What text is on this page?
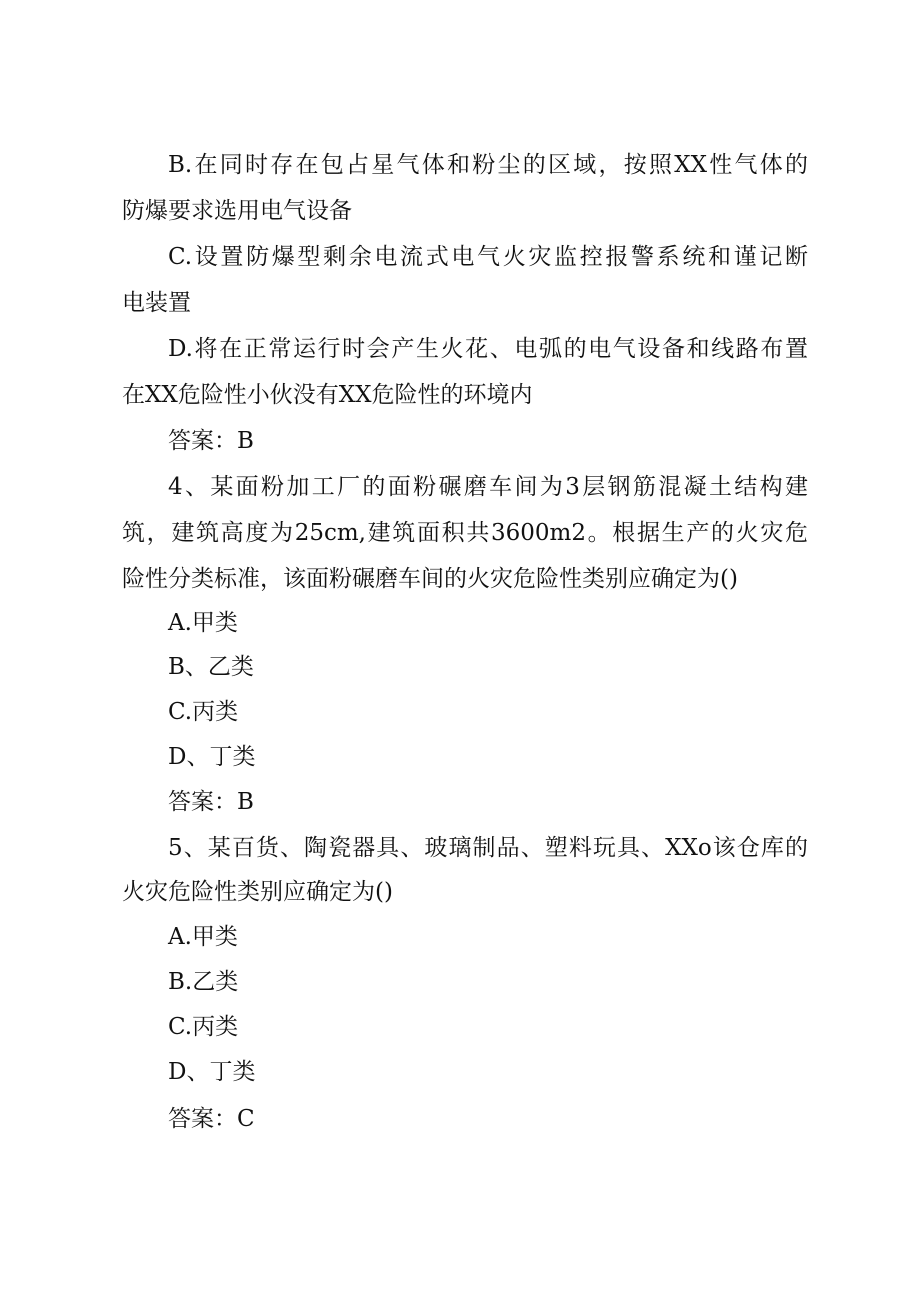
B.在同时存在包占星气体和粉尘的区域，按照XX性气体的
防爆要求选用电气设备
C.设置防爆型剩余电流式电气火灾监控报警系统和谨记断
电装置
D.将在正常运行时会产生火花、电弧的电气设备和线路布置
在XX危险性小伙没有XX危险性的环境内
答案：B
4、某面粉加工厂的面粉碾磨车间为3层钢筋混凝土结构建
筑，建筑高度为25cm,建筑面积共3600m2。根据生产的火灾危
险性分类标准，该面粉碾磨车间的火灾危险性类别应确定为()
A.甲类
B、乙类
C.丙类
D、丁类
答案：B
5、某百货、陶瓷器具、玻璃制品、塑料玩具、XXo该仓库的
火灾危险性类别应确定为()
A.甲类
B.乙类
C.丙类
D、丁类
答案：C
